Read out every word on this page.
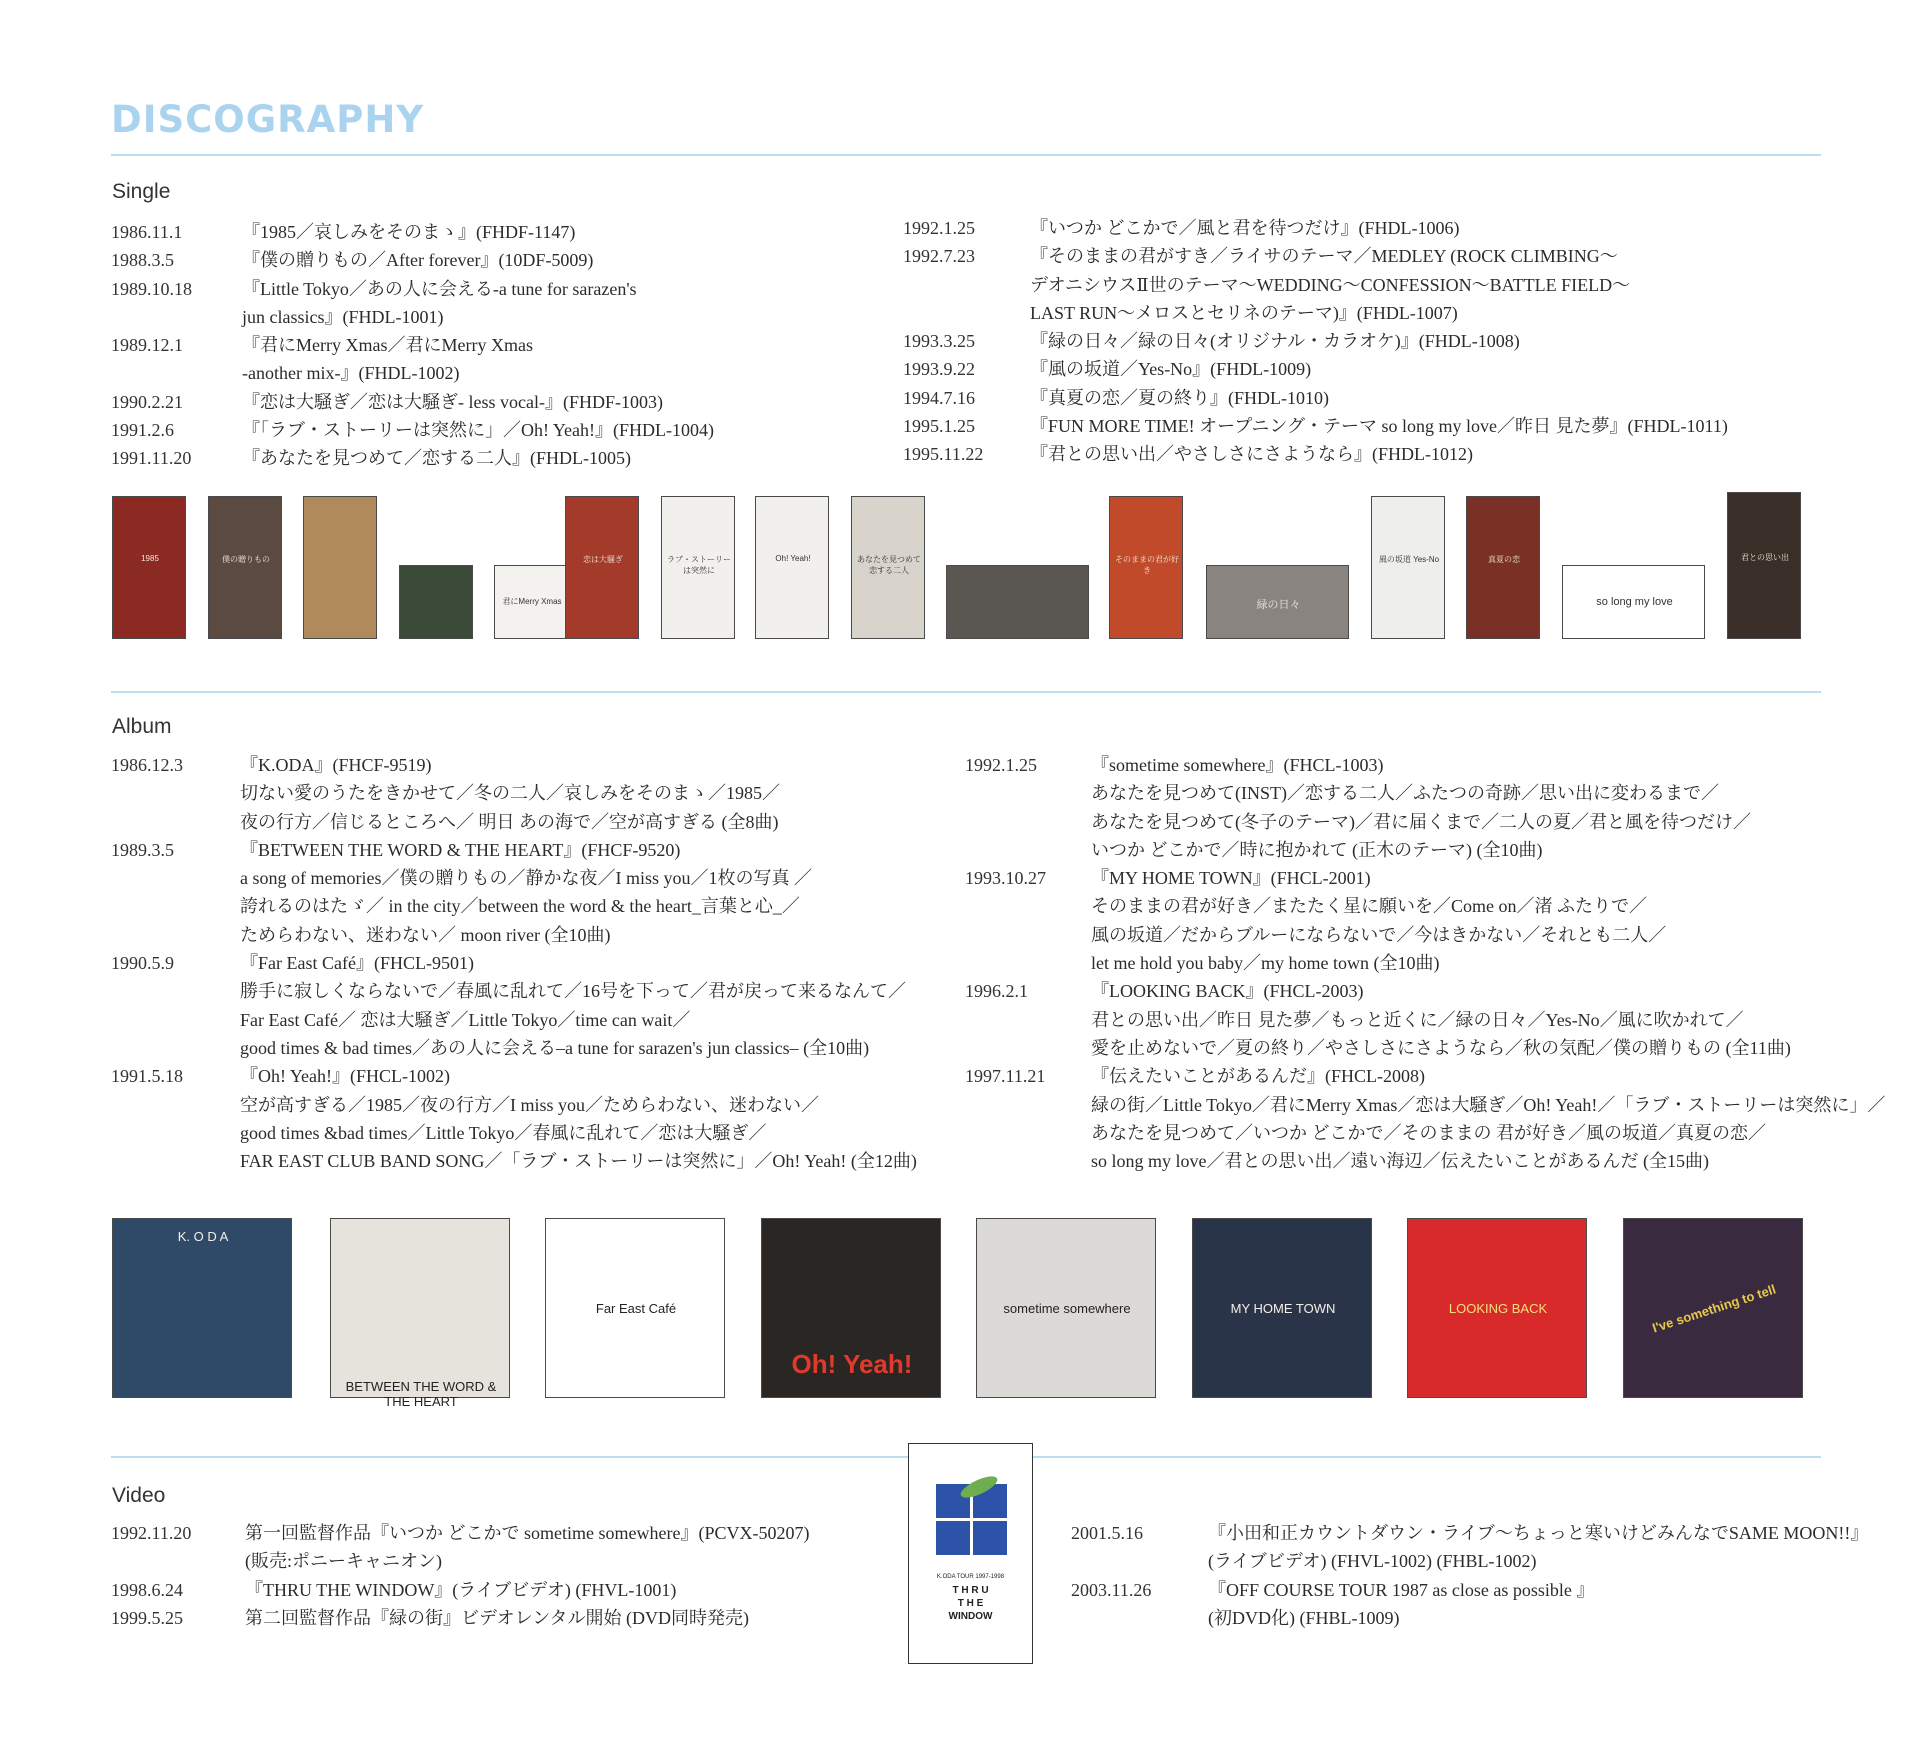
DISCOGRAPHY
Single
1986.11.1	『1985／哀しみをそのまゝ』(FHDF-1147)
1988.3.5	『僕の贈りもの／After forever』(10DF-5009)
1989.10.18	『Little Tokyo／あの人に会える-a tune for sarazen's
jun classics』(FHDL-1001)
1989.12.1	『君にMerry Xmas／君にMerry Xmas
-another mix-』(FHDL-1002)
1990.2.21	『恋は大騒ぎ／恋は大騒ぎ- less vocal-』(FHDF-1003)
1991.2.6	『「ラブ・ストーリーは突然に」／Oh! Yeah!』(FHDL-1004)
1991.11.20	『あなたを見つめて／恋する二人』(FHDL-1005)
1992.1.25	『いつか どこかで／風と君を待つだけ』(FHDL-1006)
1992.7.23	『そのままの君がすき／ライサのテーマ／MEDLEY (ROCK CLIMBING～
デオニシウスⅡ世のテーマ～WEDDING～CONFESSION～BATTLE FIELD～
LAST RUN～メロスとセリネのテーマ)』(FHDL-1007)
1993.3.25	『緑の日々／緑の日々(オリジナル・カラオケ)』(FHDL-1008)
1993.9.22	『風の坂道／Yes-No』(FHDL-1009)
1994.7.16	『真夏の恋／夏の終り』(FHDL-1010)
1995.1.25	『FUN MORE TIME! オープニング・テーマ so long my love／昨日 見た夢』(FHDL-1011)
1995.11.22	『君との思い出／やさしさにさようなら』(FHDL-1012)
1985	僕の贈りもの
君にMerry Xmas
恋は大騒ぎ	ラブ・ストーリーは突然に
Oh! Yeah!	あなたを見つめて 恋する二人
そのままの君が好き
緑の日々
風の坂道 Yes-No	真夏の恋
so long my love
君との思い出
Album
1986.12.3	『K.ODA』(FHCF-9519)
切ない愛のうたをきかせて／冬の二人／哀しみをそのまゝ／1985／
夜の行方／信じるところへ／ 明日 あの海で／空が高すぎる (全8曲)
1989.3.5	『BETWEEN THE WORD & THE HEART』(FHCF-9520)
a song of memories／僕の贈りもの／静かな夜／I miss you／1枚の写真 ／
誇れるのはたゞ／ in the city／between the word & the heart_言葉と心_／
ためらわない、迷わない／ moon river (全10曲)
1990.5.9	『Far East Café』(FHCL-9501)
勝手に寂しくならないで／春風に乱れて／16号を下って／君が戻って来るなんて／
Far East Café／ 恋は大騒ぎ／Little Tokyo／time can wait／
good times & bad times／あの人に会える–a tune for sarazen's jun classics– (全10曲)
1991.5.18	『Oh! Yeah!』(FHCL-1002)
空が高すぎる／1985／夜の行方／I miss you／ためらわない、迷わない／
good times &bad times／Little Tokyo／春風に乱れて／恋は大騒ぎ／
FAR EAST CLUB BAND SONG／「ラブ・ストーリーは突然に」／Oh! Yeah! (全12曲)
1992.1.25	『sometime somewhere』(FHCL-1003)
あなたを見つめて(INST)／恋する二人／ふたつの奇跡／思い出に変わるまで／
あなたを見つめて(冬子のテーマ)／君に届くまで／二人の夏／君と風を待つだけ／
いつか どこかで／時に抱かれて (正木のテーマ) (全10曲)
1993.10.27	『MY HOME TOWN』(FHCL-2001)
そのままの君が好き／またたく星に願いを／Come on／渚 ふたりで／
風の坂道／だからブルーにならないで／今はきかない／それとも二人／
let me hold you baby／my home town (全10曲)
1996.2.1	『LOOKING BACK』(FHCL-2003)
君との思い出／昨日 見た夢／もっと近くに／緑の日々／Yes-No／風に吹かれて／
愛を止めないで／夏の終り／やさしさにさようなら／秋の気配／僕の贈りもの (全11曲)
1997.11.21	『伝えたいことがあるんだ』(FHCL-2008)
緑の街／Little Tokyo／君にMerry Xmas／恋は大騒ぎ／Oh! Yeah!／「ラブ・ストーリーは突然に」／
あなたを見つめて／いつか どこかで／そのままの 君が好き／風の坂道／真夏の恋／
so long my love／君との思い出／遠い海辺／伝えたいことがあるんだ (全15曲)
K. O D A
BETWEEN THE WORD & THE HEART
Far East Café
Oh! Yeah!
sometime somewhere	MY HOME TOWN	LOOKING BACK	I've something to tell
Video
1992.11.20	第一回監督作品『いつか どこかで sometime somewhere』(PCVX-50207)
(販売:ポニーキャニオン)
1998.6.24	『THRU THE WINDOW』(ライブビデオ) (FHVL-1001)
1999.5.25	第二回監督作品『緑の街』ビデオレンタル開始 (DVD同時発売)
2001.5.16	『小田和正カウントダウン・ライブ～ちょっと寒いけどみんなでSAME MOON!!』
(ライブビデオ) (FHVL-1002) (FHBL-1002)
2003.11.26	『OFF COURSE TOUR 1987 as close as possible 』
(初DVD化) (FHBL-1009)
K.ODA TOUR 1997-1998
T H R U
T H E
WINDOW
